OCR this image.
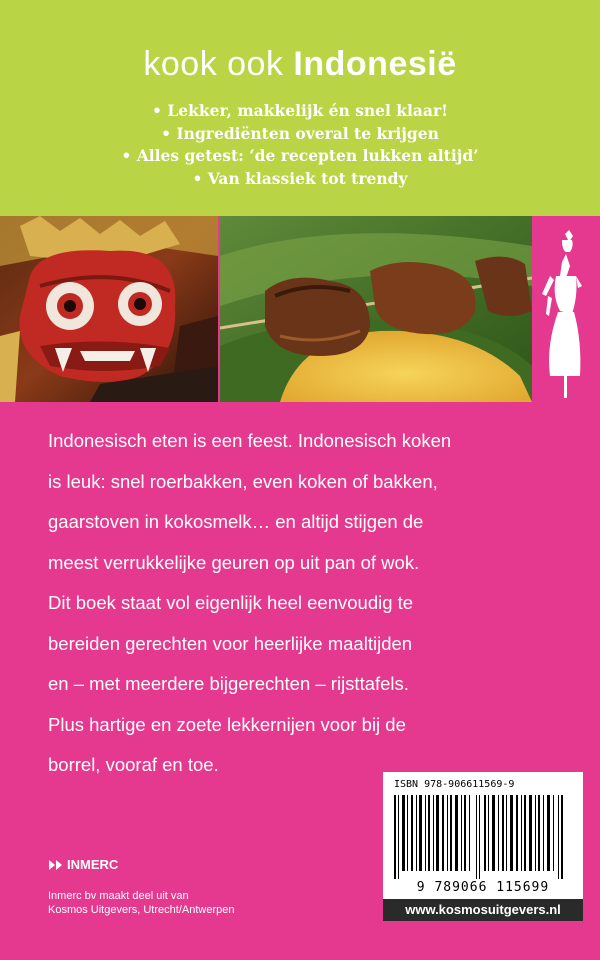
kook ook Indonesië
• Lekker, makkelijk én snel klaar!
• Ingrediënten overal te krijgen
• Alles getest: ‘de recepten lukken altijd’
• Van klassiek tot trendy
Indonesisch eten is een feest. Indonesisch koken
is leuk: snel roerbakken, even koken of bakken,
gaarstoven in kokosmelk… en altijd stijgen de
meest verrukkelijke geuren op uit pan of wok.
Dit boek staat vol eigenlijk heel eenvoudig te
bereiden gerechten voor heerlijke maaltijden
en – met meerdere bijgerechten – rijsttafels.
Plus hartige en zoete lekkernijen voor bij de
borrel, vooraf en toe.
INMERC
Inmerc bv maakt deel uit van
Kosmos Uitgevers, Utrecht/Antwerpen
ISBN 978-906611569-9
9 789066 115699
www.kosmosuitgevers.nl
